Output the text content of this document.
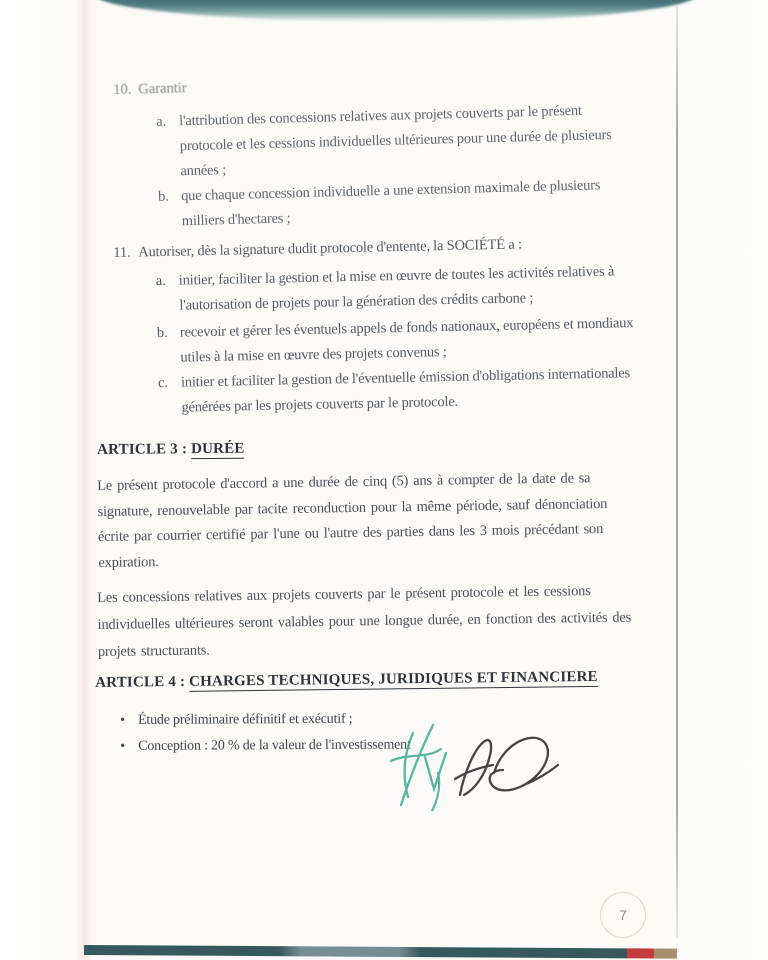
10. Garantir
a. l'attribution des concessions relatives aux projets couverts par le présent
protocole et les cessions individuelles ultérieures pour une durée de plusieurs
années ;
b. que chaque concession individuelle a une extension maximale de plusieurs
milliers d'hectares ;
11. Autoriser, dès la signature dudit protocole d'entente, la SOCIÉTÉ a :
a. initier, faciliter la gestion et la mise en œuvre de toutes les activités relatives à
l'autorisation de projets pour la génération des crédits carbone ;
b. recevoir et gérer les éventuels appels de fonds nationaux, européens et mondiaux
utiles à la mise en œuvre des projets convenus ;
c. initier et faciliter la gestion de l'éventuelle émission d'obligations internationales
générées par les projets couverts par le protocole.
ARTICLE 3 : DURÉE
Le présent protocole d'accord a une durée de cinq (5) ans à compter de la date de sa
signature, renouvelable par tacite reconduction pour la même période, sauf dénonciation
écrite par courrier certifié par l'une ou l'autre des parties dans les 3 mois précédant son
expiration.
Les concessions relatives aux projets couverts par le présent protocole et les cessions
individuelles ultérieures seront valables pour une longue durée, en fonction des activités des
projets structurants.
ARTICLE 4 : CHARGES TECHNIQUES, JURIDIQUES ET FINANCIERE
• Étude préliminaire définitif et exécutif ;
• Conception : 20 % de la valeur de l'investissement
7
